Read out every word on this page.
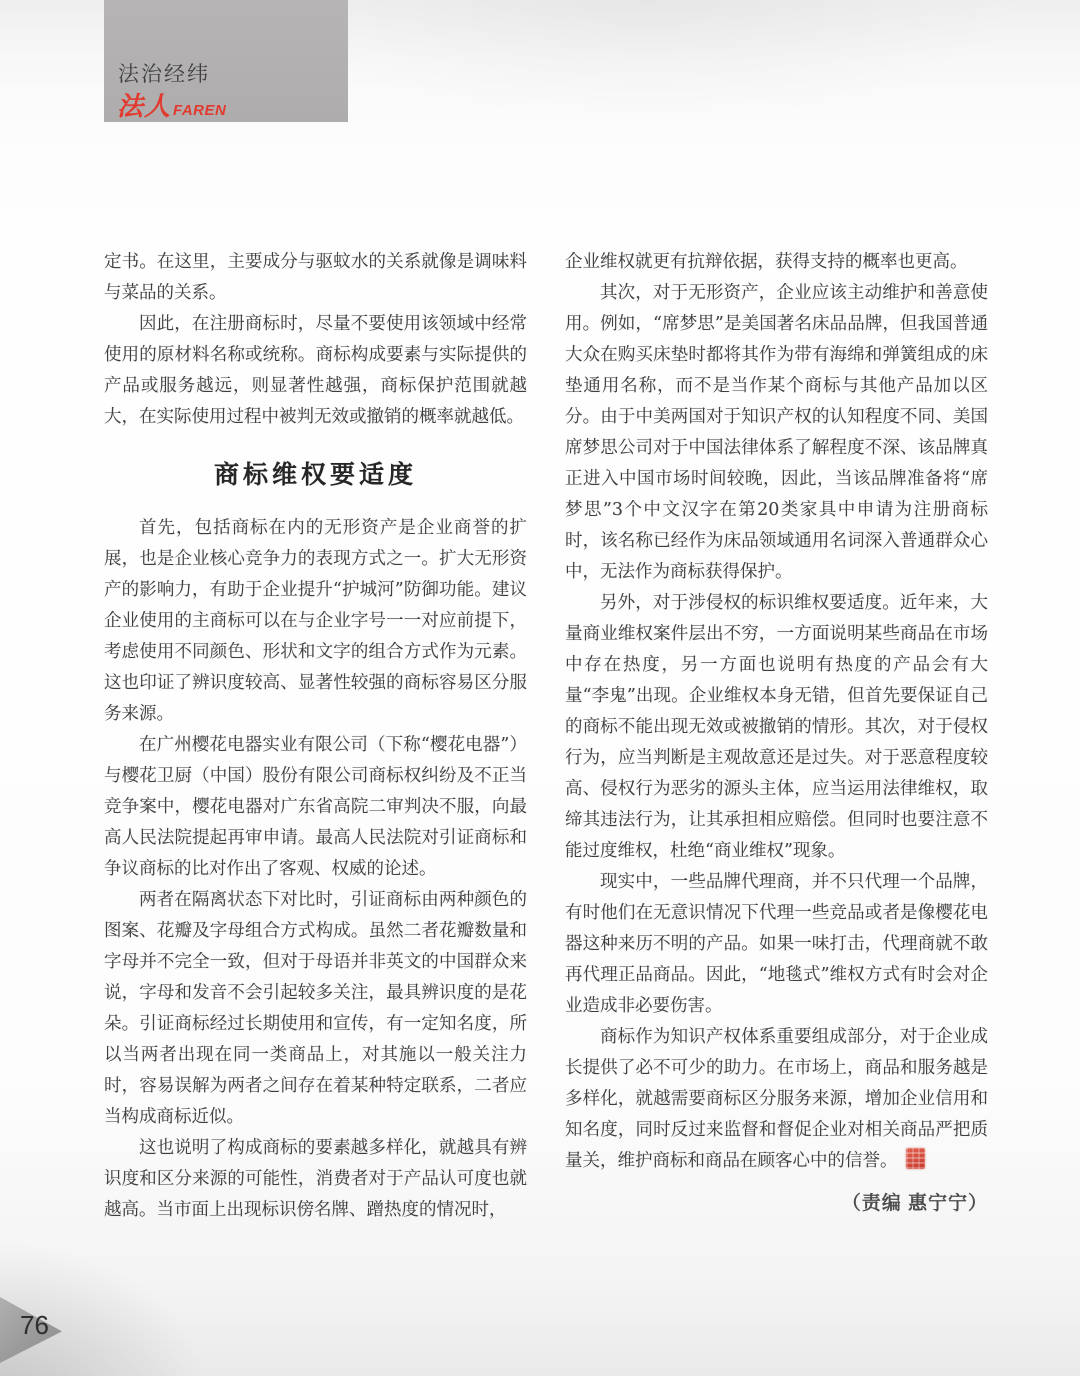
法治经纬
法人 FAREN

定书。在这里，主要成分与驱蚊水的关系就像是调味料与菜品的关系。

因此，在注册商标时，尽量不要使用该领域中经常使用的原材料名称或统称。商标构成要素与实际提供的产品或服务越远，则显著性越强，商标保护范围就越大，在实际使用过程中被判无效或撤销的概率就越低。

商标维权要适度

首先，包括商标在内的无形资产是企业商誉的扩展，也是企业核心竞争力的表现方式之一。扩大无形资产的影响力，有助于企业提升“护城河”防御功能。建议企业使用的主商标可以在与企业字号一一对应前提下，考虑使用不同颜色、形状和文字的组合方式作为元素。这也印证了辨识度较高、显著性较强的商标容易区分服务来源。

在广州樱花电器实业有限公司（下称“樱花电器”）与樱花卫厨（中国）股份有限公司商标权纠纷及不正当竞争案中，樱花电器对广东省高院二审判决不服，向最高人民法院提起再审申请。最高人民法院对引证商标和争议商标的比对作出了客观、权威的论述。

两者在隔离状态下对比时，引证商标由两种颜色的图案、花瓣及字母组合方式构成。虽然二者花瓣数量和字母并不完全一致，但对于母语并非英文的中国群众来说，字母和发音不会引起较多关注，最具辨识度的是花朵。引证商标经过长期使用和宣传，有一定知名度，所以当两者出现在同一类商品上，对其施以一般关注力时，容易误解为两者之间存在着某种特定联系，二者应当构成商标近似。

这也说明了构成商标的要素越多样化，就越具有辨识度和区分来源的可能性，消费者对于产品认可度也就越高。当市面上出现标识傍名牌、蹭热度的情况时，

企业维权就更有抗辩依据，获得支持的概率也更高。

其次，对于无形资产，企业应该主动维护和善意使用。例如，“席梦思”是美国著名床品品牌，但我国普通大众在购买床垫时都将其作为带有海绵和弹簧组成的床垫通用名称，而不是当作某个商标与其他产品加以区分。由于中美两国对于知识产权的认知程度不同、美国席梦思公司对于中国法律体系了解程度不深、该品牌真正进入中国市场时间较晚，因此，当该品牌准备将“席梦思”3个中文汉字在第20类家具中申请为注册商标时，该名称已经作为床品领域通用名词深入普通群众心中，无法作为商标获得保护。

另外，对于涉侵权的标识维权要适度。近年来，大量商业维权案件层出不穷，一方面说明某些商品在市场中存在热度，另一方面也说明有热度的产品会有大量“李鬼”出现。企业维权本身无错，但首先要保证自己的商标不能出现无效或被撤销的情形。其次，对于侵权行为，应当判断是主观故意还是过失。对于恶意程度较高、侵权行为恶劣的源头主体，应当运用法律维权，取缔其违法行为，让其承担相应赔偿。但同时也要注意不能过度维权，杜绝“商业维权”现象。

现实中，一些品牌代理商，并不只代理一个品牌，有时他们在无意识情况下代理一些竞品或者是像樱花电器这种来历不明的产品。如果一味打击，代理商就不敢再代理正品商品。因此，“地毯式”维权方式有时会对企业造成非必要伤害。

商标作为知识产权体系重要组成部分，对于企业成长提供了必不可少的助力。在市场上，商品和服务越是多样化，就越需要商标区分服务来源，增加企业信用和知名度，同时反过来监督和督促企业对相关商品严把质量关，维护商标和商品在顾客心中的信誉。

（责编 惠宁宁）

76
